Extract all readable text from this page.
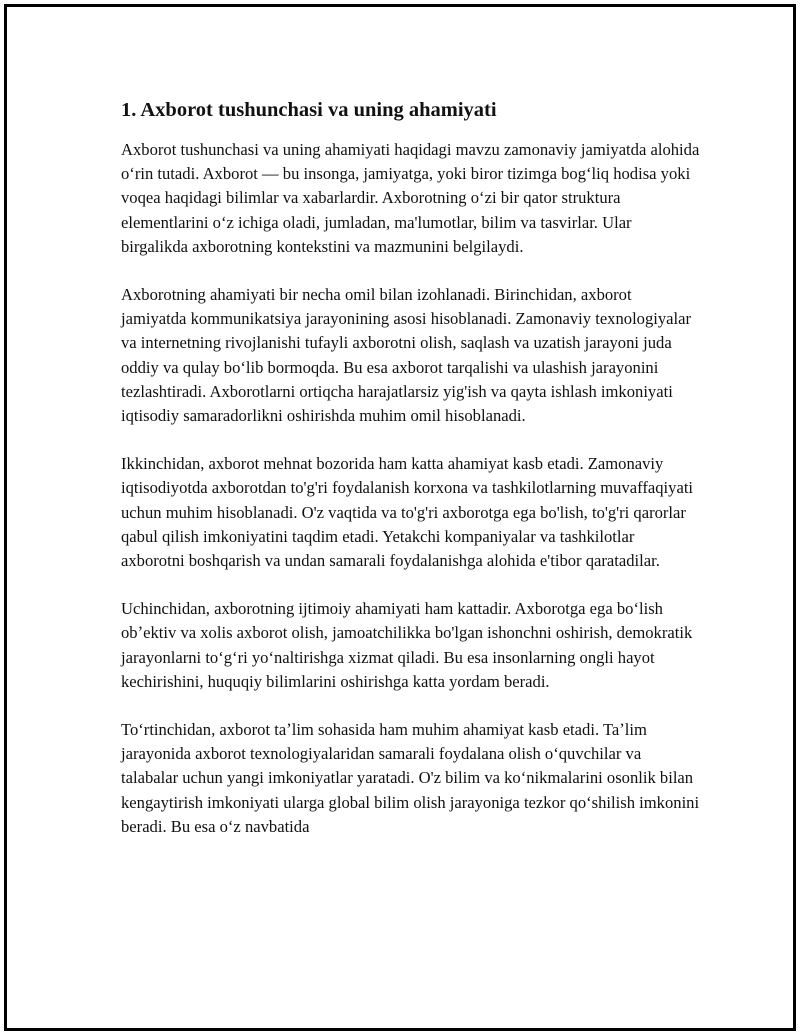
1. Axborot tushunchasi va uning ahamiyati

Axborot tushunchasi va uning ahamiyati haqidagi mavzu zamonaviy jamiyatda alohida oʻrin tutadi. Axborot — bu insonga, jamiyatga, yoki biror tizimga bogʻliq hodisa yoki voqea haqidagi bilimlar va xabarlardir. Axborotning oʻzi bir qator struktura elementlarini oʻz ichiga oladi, jumladan, ma'lumotlar, bilim va tasvirlar. Ular birgalikda axborotning kontekstini va mazmunini belgilaydi.

Axborotning ahamiyati bir necha omil bilan izohlanadi. Birinchidan, axborot jamiyatda kommunikatsiya jarayonining asosi hisoblanadi. Zamonaviy texnologiyalar va internetning rivojlanishi tufayli axborotni olish, saqlash va uzatish jarayoni juda oddiy va qulay boʻlib bormoqda. Bu esa axborot tarqalishi va ulashish jarayonini tezlashtiradi. Axborotlarni ortiqcha harajatlarsiz yig'ish va qayta ishlash imkoniyati iqtisodiy samaradorlikni oshirishda muhim omil hisoblanadi.

Ikkinchidan, axborot mehnat bozorida ham katta ahamiyat kasb etadi. Zamonaviy iqtisodiyotda axborotdan to'g'ri foydalanish korxona va tashkilotlarning muvaffaqiyati uchun muhim hisoblanadi. O'z vaqtida va to'g'ri axborotga ega bo'lish, to'g'ri qarorlar qabul qilish imkoniyatini taqdim etadi. Yetakchi kompaniyalar va tashkilotlar axborotni boshqarish va undan samarali foydalanishga alohida e'tibor qaratadilar.

Uchinchidan, axborotning ijtimoiy ahamiyati ham kattadir. Axborotga ega boʻlish obʼektiv va xolis axborot olish, jamoatchilikka bo'lgan ishonchni oshirish, demokratik jarayonlarni toʻgʻri yoʻnaltirishga xizmat qiladi. Bu esa insonlarning ongli hayot kechirishini, huquqiy bilimlarini oshirishga katta yordam beradi.

Toʻrtinchidan, axborot taʼlim sohasida ham muhim ahamiyat kasb etadi. Taʼlim jarayonida axborot texnologiyalaridan samarali foydalana olish oʻquvchilar va talabalar uchun yangi imkoniyatlar yaratadi. O'z bilim va koʻnikmalarini osonlik bilan kengaytirish imkoniyati ularga global bilim olish jarayoniga tezkor qoʻshilish imkonini beradi. Bu esa oʻz navbatida
